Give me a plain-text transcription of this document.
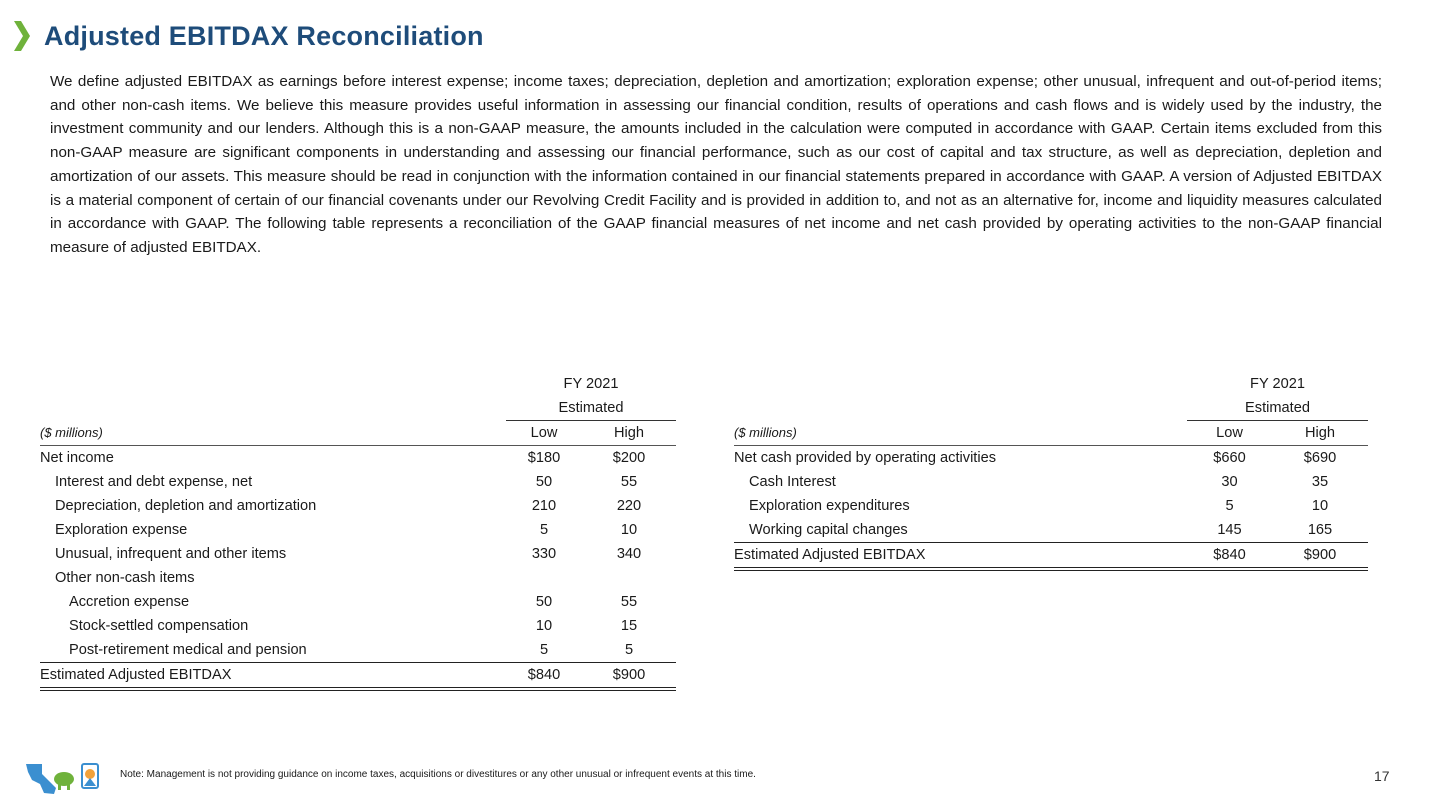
Adjusted EBITDAX Reconciliation
We define adjusted EBITDAX as earnings before interest expense; income taxes; depreciation, depletion and amortization; exploration expense; other unusual, infrequent and out-of-period items; and other non-cash items. We believe this measure provides useful information in assessing our financial condition, results of operations and cash flows and is widely used by the industry, the investment community and our lenders. Although this is a non-GAAP measure, the amounts included in the calculation were computed in accordance with GAAP. Certain items excluded from this non-GAAP measure are significant components in understanding and assessing our financial performance, such as our cost of capital and tax structure, as well as depreciation, depletion and amortization of our assets. This measure should be read in conjunction with the information contained in our financial statements prepared in accordance with GAAP. A version of Adjusted EBITDAX is a material component of certain of our financial covenants under our Revolving Credit Facility and is provided in addition to, and not as an alternative for, income and liquidity measures calculated in accordance with GAAP. The following table represents a reconciliation of the GAAP financial measures of net income and net cash provided by operating activities to the non-GAAP financial measure of adjusted EBITDAX.
	FY 2021	
	Estimated	
($ millions)	Low	High
Net income	$180	$200
Interest and debt expense, net	50	55
Depreciation, depletion and amortization	210	220
Exploration expense	5	10
Unusual, infrequent and other items	330	340
Other non-cash items		
Accretion expense	50	55
Stock-settled compensation	10	15
Post-retirement medical and pension	5	5
Estimated Adjusted EBITDAX	$840	$900
	FY 2021	
	Estimated	
($ millions)	Low	High
Net cash provided by operating activities	$660	$690
Cash Interest	30	35
Exploration expenditures	5	10
Working capital changes	145	165
Estimated Adjusted EBITDAX	$840	$900
Note: Management is not providing guidance on income taxes, acquisitions or divestitures or any other unusual or infrequent events at this time.	17
